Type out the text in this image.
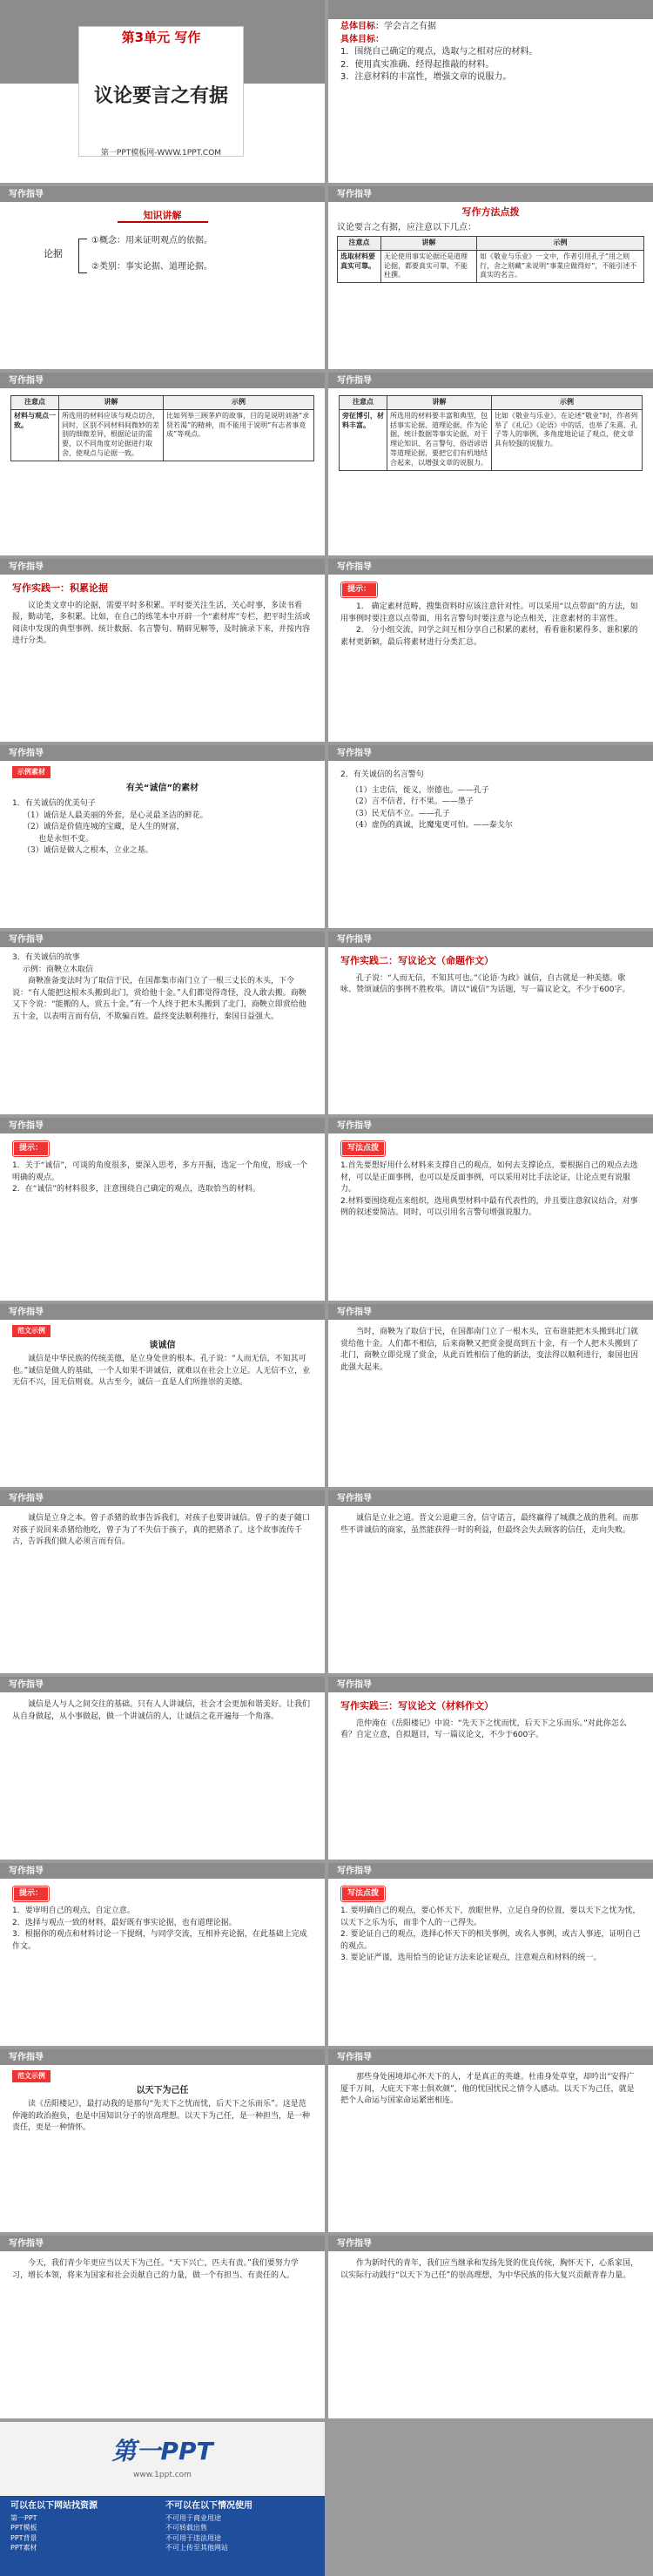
第3单元 写作
议论要言之有据
第一PPT模板网-WWW.1PPT.COM
总体目标：学会言之有据
具体目标：
1．围绕自己确定的观点，选取与之相对应的材料。
2．使用真实准确、经得起推敲的材料。
3．注意材料的丰富性，增强文章的说服力。
写作指导
知识讲解
论据
①概念：用来证明观点的依据。
②类别：事实论据、道理论据。
写作指导
写作方法点拨
议论要言之有据，应注意以下几点：
注意点	讲解	示例
选取材料要真实可靠。	无论使用事实论据还是道理论据，都要真实可靠，不能杜撰。	如《敬业与乐业》一文中，作者引用孔子“用之则行，舍之则藏”来说明“事業应做得好”，不能引述不真实的名言。
写作指导
注意点	讲解	示例
材料与观点一致。	所选用的材料应该与观点切合，同时，区别不同材料间微妙的差别的细微差异，根据论证的需要，以不同角度对论据进行取舍，使观点与论据一致。	比如列举三顾茅庐的故事，目的是说明刘备“求贤若渴”的精神，而不能用于说明“有志者事竟成”等观点。
写作指导
注意点	讲解	示例
旁征博引，材料丰富。	所选用的材料要丰富和典型，包括事实论据、道理论据，作为论据，统计数据等事实论据，对于理论知识、名言警句、俗语谚语等道理论据，要把它们有机地结合起来，以增强文章的说服力。	比如《敬业与乐业》，在论述“敬业”时，作者列举了《礼记》《论语》中的话，也举了朱熹、孔子等人的事例，多角度地论证了观点，使文章具有较强的说服力。
写作指导
写作实践一：积累论据
议论类文章中的论据，需要平时多积累。平时要关注生活，关心时事，多读书看报，勤动笔，多积累。比如，在自己的练笔本中开辟一个“素材库”专栏，把平时生活或阅读中发现的典型事例、统计数据、名言警句、精辟见解等，及时摘录下来，并按内容进行分类。
写作指导
提示：
1． 确定素材范畴，搜集资料时应该注意针对性。可以采用“以点带面”的方法，如用事例时要注意以点带面，用名言警句时要注意与论点相关，注意素材的丰富性。
2． 分小组交流，同学之间互相分享自己积累的素材，看看谁积累得多、谁积累的素材更新颖，最后将素材进行分类汇总。
写作指导
示例素材
有关“诚信”的素材
1．有关诚信的优美句子
（1）诚信是人最美丽的外套，是心灵最圣洁的鲜花。
（2）诚信是价值连城的宝藏，是人生的财富，
　　也是永恒不变。
（3）诚信是做人之根本，立业之基。
写作指导
2．有关诚信的名言警句
（1）主忠信，徙义，崇德也。——孔子
（2）言不信者，行不果。——墨子
（3）民无信不立。——孔子
（4）虚伪的真诚，比魔鬼更可怕。——泰戈尔
写作指导
3．有关诚信的故事
示例：商鞅立木取信
商鞅准备变法时为了取信于民，在国都集市南门立了一根三丈长的木头，下令说：“有人能把这根木头搬到北门，赏给他十金。”人们都觉得奇怪，没人敢去搬。商鞅又下令说：“能搬的人，赏五十金。”有一个人终于把木头搬到了北门，商鞅立即赏给他五十金，以表明言而有信，不欺骗百姓。最终变法顺利推行，秦国日益强大。
写作指导
写作实践二：写议论文（命题作文）
孔子说：“人而无信，不知其可也。”《论语·为政》诚信，自古就是一种美德。歌咏、赞颂诚信的事例不胜枚举。请以“诚信”为话题，写一篇议论文，不少于600字。
写作指导
提示：
1．关于“诚信”，可谈的角度很多，要深入思考，多方开掘，选定一个角度，形成一个明确的观点。
2．在“诚信”的材料很多，注意围绕自己确定的观点，选取恰当的材料。
写作指导
写法点拨
1.首先要想好用什么材料来支撑自己的观点，如何去支撑论点，要根据自己的观点去选材，可以是正面事例，也可以是反面事例，可以采用对比手法论证，让论点更有说服力。
2.材料要围绕观点来组织，选用典型材料中最有代表性的，并且要注意叙议结合，对事例的叙述要简洁。同时，可以引用名言警句增强说服力。
写作指导
范文示例
谈诚信
诚信是中华民族的传统美德，是立身处世的根本。孔子说：“人而无信，不知其可也。”诚信是做人的基础，一个人如果不讲诚信，就难以在社会上立足。人无信不立，业无信不兴，国无信则衰。从古至今，诚信一直是人们所推崇的美德。
写作指导
当时，商鞅为了取信于民，在国都南门立了一根木头，宣布谁能把木头搬到北门就赏给他十金。人们都不相信，后来商鞅又把赏金提高到五十金，有一个人把木头搬到了北门，商鞅立即兑现了赏金，从此百姓相信了他的新法，变法得以顺利进行，秦国也因此强大起来。
写作指导
诚信是立身之本。曾子杀猪的故事告诉我们，对孩子也要讲诚信。曾子的妻子随口对孩子说回来杀猪给他吃，曾子为了不失信于孩子，真的把猪杀了。这个故事流传千古，告诉我们做人必须言而有信。
写作指导
诚信是立业之道。晋文公退避三舍，信守诺言，最终赢得了城濮之战的胜利。而那些不讲诚信的商家，虽然能获得一时的利益，但最终会失去顾客的信任，走向失败。
写作指导
诚信是人与人之间交往的基础。只有人人讲诚信，社会才会更加和谐美好。让我们从自身做起，从小事做起，做一个讲诚信的人，让诚信之花开遍每一个角落。
写作指导
写作实践三：写议论文（材料作文）
范仲淹在《岳阳楼记》中说：“先天下之忧而忧，后天下之乐而乐。”对此你怎么看？自定立意，自拟题目，写一篇议论文，不少于600字。
写作指导
提示：
1．要审明自己的观点，自定立意。
2．选择与观点一致的材料，最好既有事实论据，也有道理论据。
3．根据你的观点和材料讨论一下提纲，与同学交流，互相补充论据，在此基础上完成作文。
写作指导
写法点拨
1. 要明确自己的观点，要心怀天下，放眼世界，立足自身的位置，要以天下之忧为忧，以天下之乐为乐，而非个人的一己得失。
2. 要论证自己的观点，选择心怀天下的相关事例，或名人事例，或古人事迹，证明自己的观点。
3. 要论证严谨，选用恰当的论证方法来论证观点，注意观点和材料的统一。
写作指导
范文示例
以天下为己任
读《岳阳楼记》，最打动我的是那句“先天下之忧而忧，后天下之乐而乐”。这是范仲淹的政治抱负，也是中国知识分子的崇高理想。以天下为己任，是一种担当，是一种责任，更是一种情怀。
写作指导
那些身处困境却心怀天下的人，才是真正的英雄。杜甫身处草堂，却吟出“安得广厦千万间，大庇天下寒士俱欢颜”，他的忧国忧民之情令人感动。以天下为己任，就是把个人命运与国家命运紧密相连。
写作指导
今天，我们青少年更应当以天下为己任。“天下兴亡，匹夫有责。”我们要努力学习，增长本领，将来为国家和社会贡献自己的力量，做一个有担当、有责任的人。
写作指导
作为新时代的青年，我们应当继承和发扬先贤的优良传统，胸怀天下，心系家国，以实际行动践行“以天下为己任”的崇高理想，为中华民族的伟大复兴贡献青春力量。
第一PPT
www.1ppt.com
可以在以下网站找资源
第一PPT
PPT模板
PPT背景
PPT素材
不可以在以下情况使用
不可用于商业用途
不可转载出售
不可用于违法用途
不可上传至其他网站
